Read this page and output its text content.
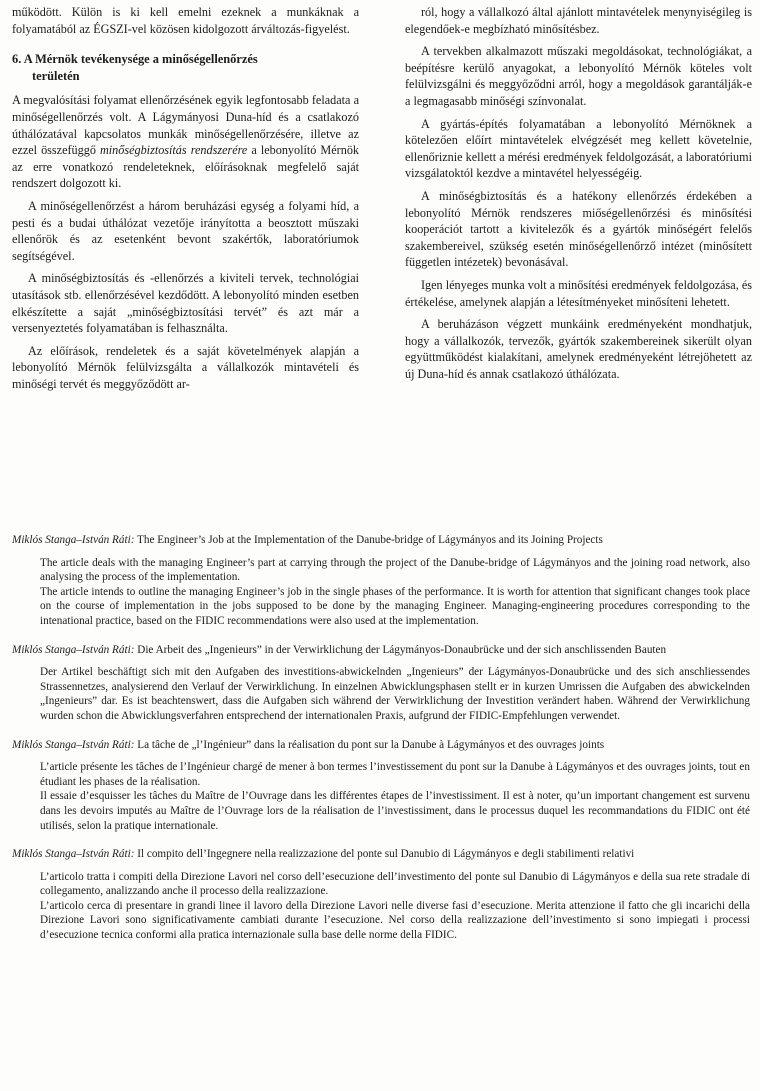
működött. Külön is ki kell emelni ezeknek a munkáknak a folyamatából az ÉGSZI-vel közösen kidolgozott árváltozás-figyelést.

6. A Mérnök tevékenysége a minőségellenőrzés
területén

A megvalósítási folyamat ellenőrzésének egyik legfontosabb feladata a minőségellenőrzés volt. A Lágymányosi Duna-híd és a csatlakozó úthálózatával kapcsolatos munkák minőségellenőrzésére, illetve az ezzel összefüggő minőségbiztosítás rendszerére a lebonyolító Mérnök az erre vonatkozó rendeleteknek, előírásoknak megfelelő saját rendszert dolgozott ki.

A minőségellenőrzést a három beruházási egység a folyami híd, a pesti és a budai úthálózat vezetője irányította a beosztott műszaki ellenőrök és az esetenként bevont szakértők, laboratóriumok segítségével.

A minőségbiztosítás és -ellenőrzés a kiviteli tervek, technológiai utasítások stb. ellenőrzésével kezdődött. A lebonyolító minden esetben elkészítette a saját „minőségbiztosítási tervét” és azt már a versenyeztetés folyamatában is felhasználta.

Az előírások, rendeletek és a saját követelmények alapján a lebonyolító Mérnök felülvizsgálta a vállalkozók mintavételi és minőségi tervét és meggyőződött ar-

ról, hogy a vállalkozó által ajánlott mintavételek menynyiségileg is elegendőek-e megbízható minősítésbez.

A tervekben alkalmazott műszaki megoldásokat, technológiákat, a beépítésre kerülő anyagokat, a lebonyolító Mérnök köteles volt felülvizsgálni és meggyőződni arról, hogy a megoldások garantálják-e a legmagasabb minőségi színvonalat.

A gyártás-építés folyamatában a lebonyolító Mérnöknek a kötelezően előírt mintavételek elvégzését meg kellett követelnie, ellenőriznie kellett a mérési eredmények feldolgozását, a laboratóriumi vizsgálatoktól kezdve a mintavétel helyességéig.

A minőségbiztosítás és a hatékony ellenőrzés érdekében a lebonyolító Mérnök rendszeres miőségellenőrzési és minősítési kooperációt tartott a kivitelezők és a gyártók minőségért felelős szakembereivel, szükség esetén minőségellenőrző intézet (minősített független intézetek) bevonásával.

Igen lényeges munka volt a minősítési eredmények feldolgozása, és értékelése, amelynek alapján a létesítményeket minősíteni lehetett.

A beruházáson végzett munkáink eredményeként mondhatjuk, hogy a vállalkozók, tervezők, gyártók szakembereinek sikerült olyan együttműködést kialakítani, amelynek eredményeként létrejöhetett az új Duna-híd és annak csatlakozó úthálózata.

Miklós Stanga–István Ráti: The Engineer’s Job at the Implementation of the Danube-bridge of Lágymányos and its Joining Projects

The article deals with the managing Engineer’s part at carrying through the project of the Danube-bridge of Lágymányos and the joining road network, also analysing the process of the implementation.

The article intends to outline the managing Engineer’s job in the single phases of the performance. It is worth for attention that significant changes took place on the course of implementation in the jobs supposed to be done by the managing Engineer. Managing-engineering procedures corresponding to the intenational practice, based on the FIDIC recommendations were also used at the implementation.

Miklós Stanga–István Ráti: Die Arbeit des „Ingenieurs” in der Verwirklichung der Lágymányos-Donaubrücke und der sich anschlissenden Bauten

Der Artikel beschäftigt sich mit den Aufgaben des investitions-abwickelnden „Ingenieurs” der Lágymányos-Donaubrücke und des sich anschliessendes Strassennetzes, analysierend den Verlauf der Verwirklichung. In einzelnen Abwicklungsphasen stellt er in kurzen Umrissen die Aufgaben des abwickelnden „Ingenieurs” dar. Es ist beachtenswert, dass die Aufgaben sich während der Verwirklichung der Investition verändert haben. Während der Verwirklichung wurden schon die Abwicklungsverfahren entsprechend der internationalen Praxis, aufgrund der FIDIC-Empfehlungen verwendet.

Miklós Stanga–István Ráti: La tâche de „l’Ingénieur” dans la réalisation du pont sur la Danube à Lágymányos et des ouvrages joints

L’article présente les tâches de l’Ingénieur chargé de mener à bon termes l’investissement du pont sur la Danube à Lágymányos et des ouvrages joints, tout en étudiant les phases de la réalisation.

Il essaie d’esquisser les tâches du Maître de l’Ouvrage dans les différentes étapes de l’investissiment. Il est à noter, qu’un important changement est survenu dans les devoirs imputés au Maître de l’Ouvrage lors de la réalisation de l’investissiment, dans le processus duquel les recommandations du FIDIC ont été utilisés, selon la pratique internationale.

Miklós Stanga–István Ráti: Il compito dell’Ingegnere nella realizzazione del ponte sul Danubio di Lágymányos e degli stabilimenti relativi

L’articolo tratta i compiti della Direzione Lavori nel corso dell’esecuzione dell’investimento del ponte sul Danubio di Lágymányos e della sua rete stradale di collegamento, analizzando anche il processo della realizzazione.

L’articolo cerca di presentare in grandi linee il lavoro della Direzione Lavori nelle diverse fasi d’esecuzione. Merita attenzione il fatto che gli incarichi della Direzione Lavori sono significativamente cambiati durante l’esecuzione. Nel corso della realizzazione dell’investimento si sono impiegati i processi d’esecuzione tecnica conformi alla pratica internazionale sulla base delle norme della FIDIC.
